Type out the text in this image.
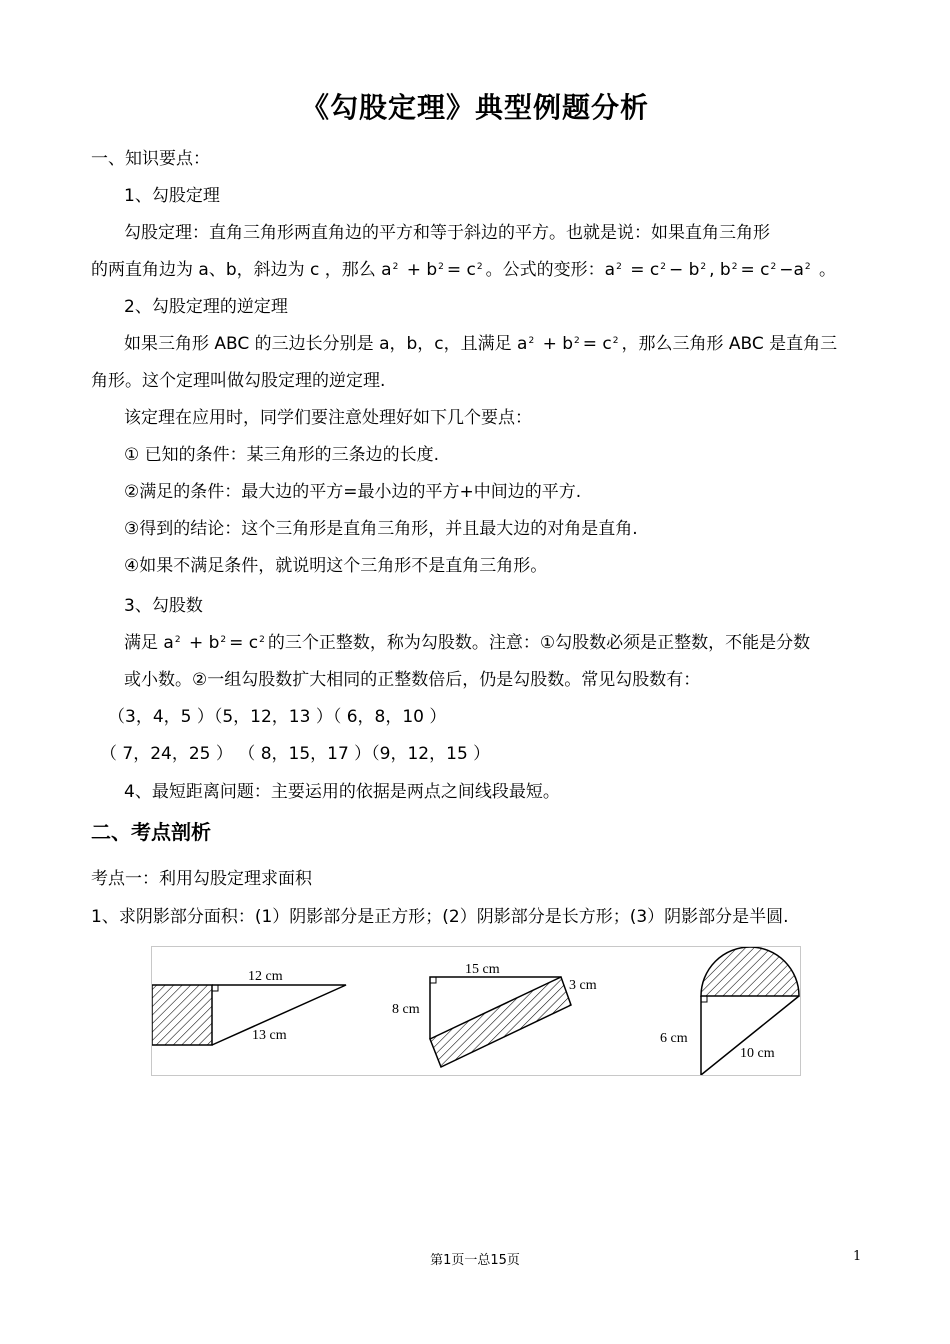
《勾股定理》典型例题分析
一、知识要点：
1、勾股定理
勾股定理：直角三角形两直角边的平方和等于斜边的平方。也就是说：如果直角三角形
的两直角边为 a、b，斜边为 c ，那么 $a^2 + b^2 = c^2$ 。公式的变形：$a^2 = c^2 - b^2$ , $b^2 = c^2 -a^2$ 。
2、勾股定理的逆定理
如果三角形 ABC 的三边长分别是 a，b，c，且满足 $a^2 + b^2 = c^2$ ，那么三角形 ABC 是直角三
角形。这个定理叫做勾股定理的逆定理.
该定理在应用时，同学们要注意处理好如下几个要点：
① 已知的条件：某三角形的三条边的长度.
②满足的条件：最大边的平方=最小边的平方+中间边的平方.
③得到的结论：这个三角形是直角三角形，并且最大边的对角是直角.
④如果不满足条件，就说明这个三角形不是直角三角形。
3、勾股数
满足 $a^2 + b^2 = c^2$ 的三个正整数，称为勾股数。注意：①勾股数必须是正整数，不能是分数
或小数。②一组勾股数扩大相同的正整数倍后，仍是勾股数。常见勾股数有：
（3，4，5 ）（5，12，13 ）（ 6，8，10 ）
（ 7，24，25 ） （ 8，15，17 ）（9，12，15 ）
4、最短距离问题：主要运用的依据是两点之间线段最短。
二、考点剖析
考点一：利用勾股定理求面积
1、求阴影部分面积：(1）阴影部分是正方形；(2）阴影部分是长方形；(3）阴影部分是半圆.
12 cm
13 cm
15 cm
8 cm
3 cm
6 cm
10 cm
第1页一总15页	1
